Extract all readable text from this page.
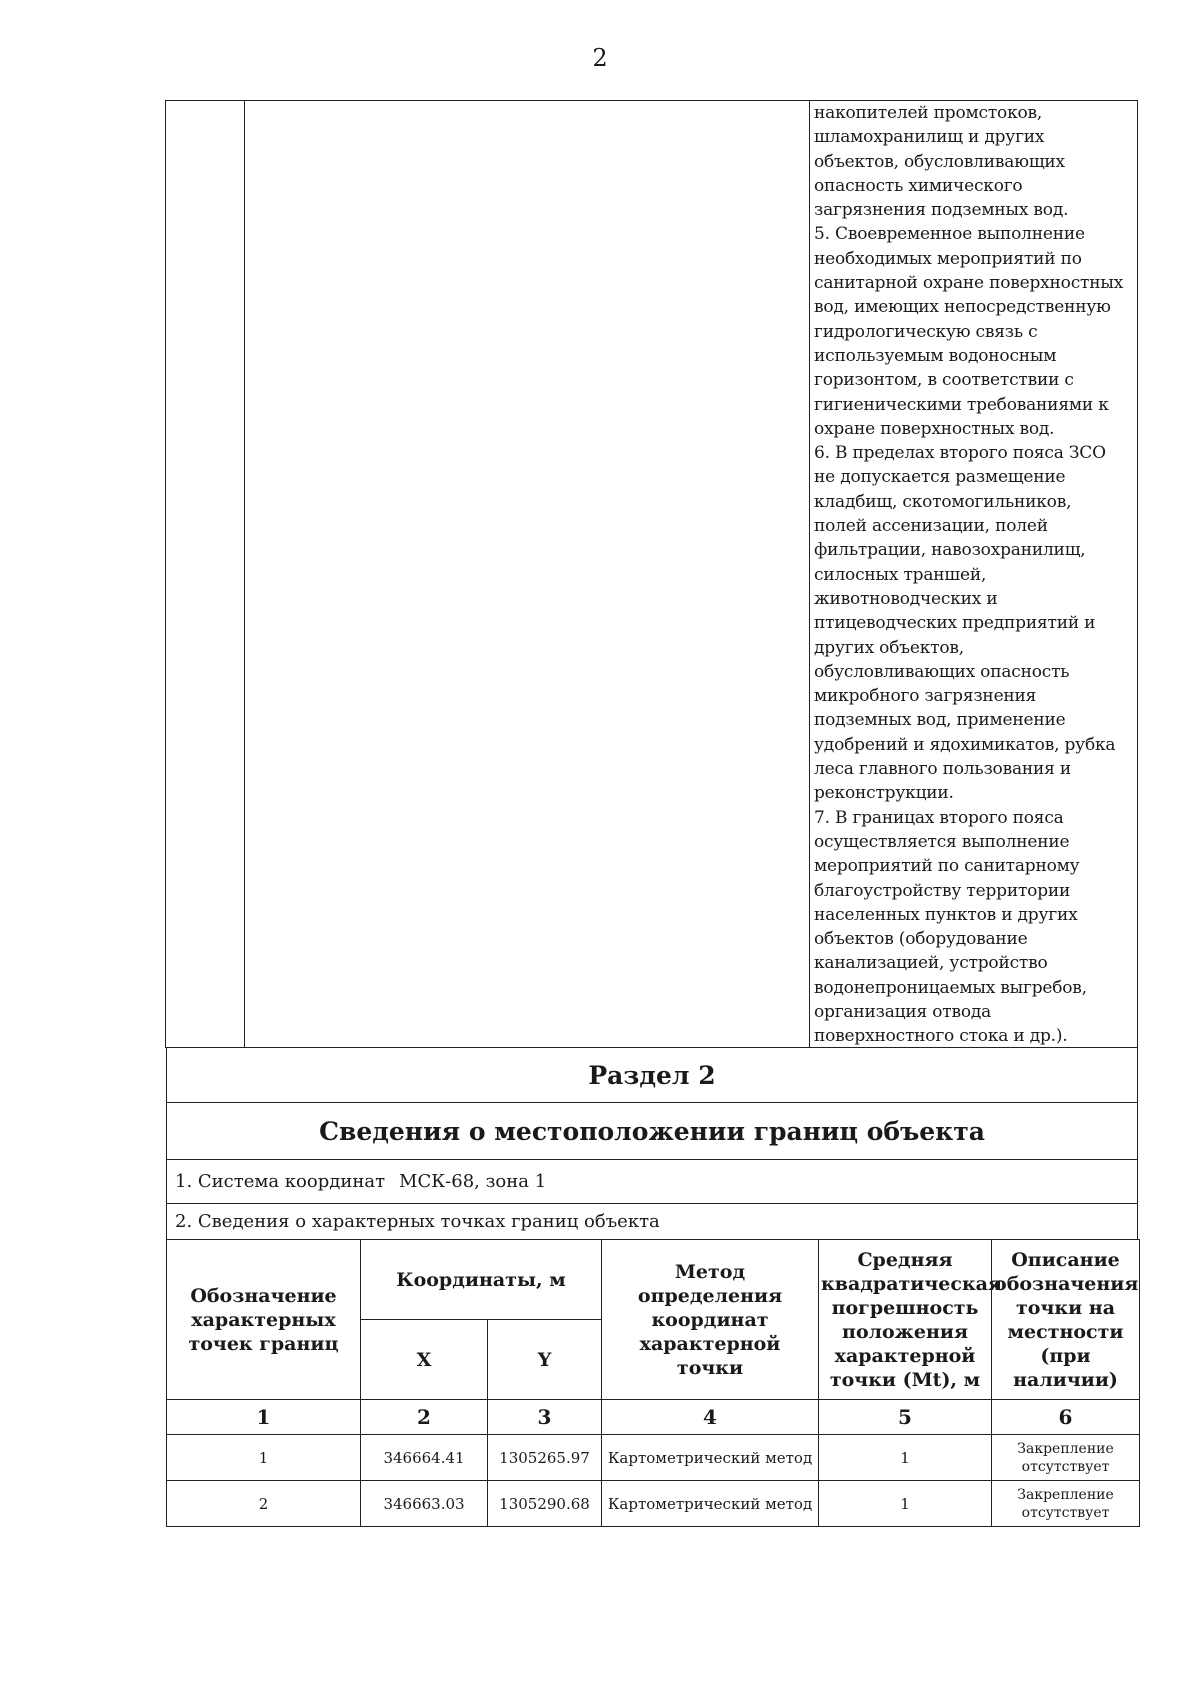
2
накопителей промстоков,
шламохранилищ и других
объектов, обусловливающих
опасность химического
загрязнения подземных вод.
5. Своевременное выполнение
необходимых мероприятий по
санитарной охране поверхностных
вод, имеющих непосредственную
гидрологическую связь с
используемым водоносным
горизонтом, в соответствии с
гигиеническими требованиями к
охране поверхностных вод.
6. В пределах второго пояса ЗСО
не допускается размещение
кладбищ, скотомогильников,
полей ассенизации, полей
фильтрации, навозохранилищ,
силосных траншей,
животноводческих и
птицеводческих предприятий и
других объектов,
обусловливающих опасность
микробного загрязнения
подземных вод, применение
удобрений и ядохимикатов, рубка
леса главного пользования и
реконструкции.
7. В границах второго пояса
осуществляется выполнение
мероприятий по санитарному
благоустройству территории
населенных пунктов и других
объектов (оборудование
канализацией, устройство
водонепроницаемых выгребов,
организация отвода
поверхностного стока и др.).
Раздел 2
Сведения о местоположении границ объекта
1. Система координат МСК-68, зона 1
2. Сведения о характерных точках границ объекта
Обозначение характерных точек границ	Координаты, м		Метод определения координат характерной точки	Средняя квадратическая погрешность положения характерной точки (Mt), м	Описание обозначения точки на местности (при наличии)
	X	Y			
1	2	3	4	5	6
1	346664.41	1305265.97	Картометрический метод	1	Закрепление отсутствует
2	346663.03	1305290.68	Картометрический метод	1	Закрепление отсутствует
